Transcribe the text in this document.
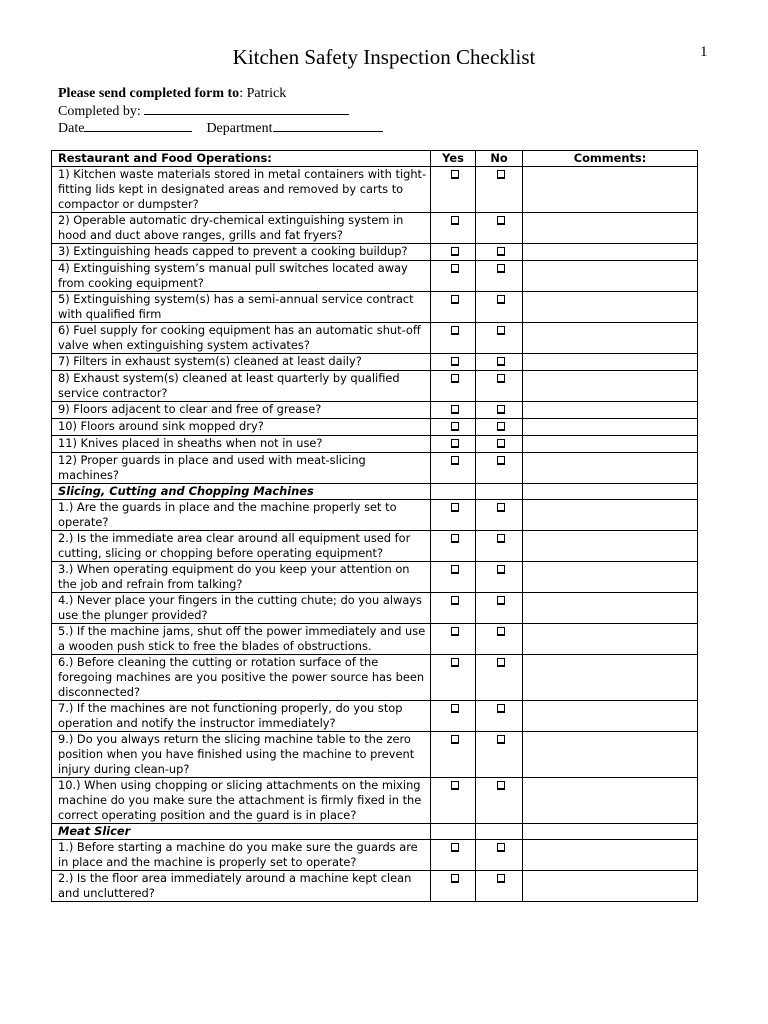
1
Kitchen Safety Inspection Checklist
Please send completed form to: Patrick
Completed by:
Date	Department
Restaurant and Food Operations:	Yes	No	Comments:
1) Kitchen waste materials stored in metal containers with tight-fitting lids kept in designated areas and removed by carts to compactor or dumpster?			
2) Operable automatic dry-chemical extinguishing system in hood and duct above ranges, grills and fat fryers?			
3) Extinguishing heads capped to prevent a cooking buildup?			
4) Extinguishing system’s manual pull switches located away from cooking equipment?			
5) Extinguishing system(s) has a semi-annual service contract with qualified firm			
6) Fuel supply for cooking equipment has an automatic shut-off valve when extinguishing system activates?			
7) Filters in exhaust system(s) cleaned at least daily?			
8) Exhaust system(s) cleaned at least quarterly by qualified service contractor?			
9) Floors adjacent to clear and free of grease?			
10) Floors around sink mopped dry?			
11) Knives placed in sheaths when not in use?			
12) Proper guards in place and used with meat-slicing machines?			
Slicing, Cutting and Chopping Machines			
1.) Are the guards in place and the machine properly set to operate?			
2.) Is the immediate area clear around all equipment used for cutting, slicing or chopping before operating equipment?			
3.) When operating equipment do you keep your attention on the job and refrain from talking?			
4.) Never place your fingers in the cutting chute; do you always use the plunger provided?			
5.) If the machine jams, shut off the power immediately and use a wooden push stick to free the blades of obstructions.			
6.) Before cleaning the cutting or rotation surface of the foregoing machines are you positive the power source has been disconnected?			
7.) If the machines are not functioning properly, do you stop operation and notify the instructor immediately?			
9.) Do you always return the slicing machine table to the zero position when you have finished using the machine to prevent injury during clean-up?			
10.) When using chopping or slicing attachments on the mixing machine do you make sure the attachment is firmly fixed in the correct operating position and the guard is in place?			
Meat Slicer			
1.) Before starting a machine do you make sure the guards are in place and the machine is properly set to operate?			
2.) Is the floor area immediately around a machine kept clean and uncluttered?			
